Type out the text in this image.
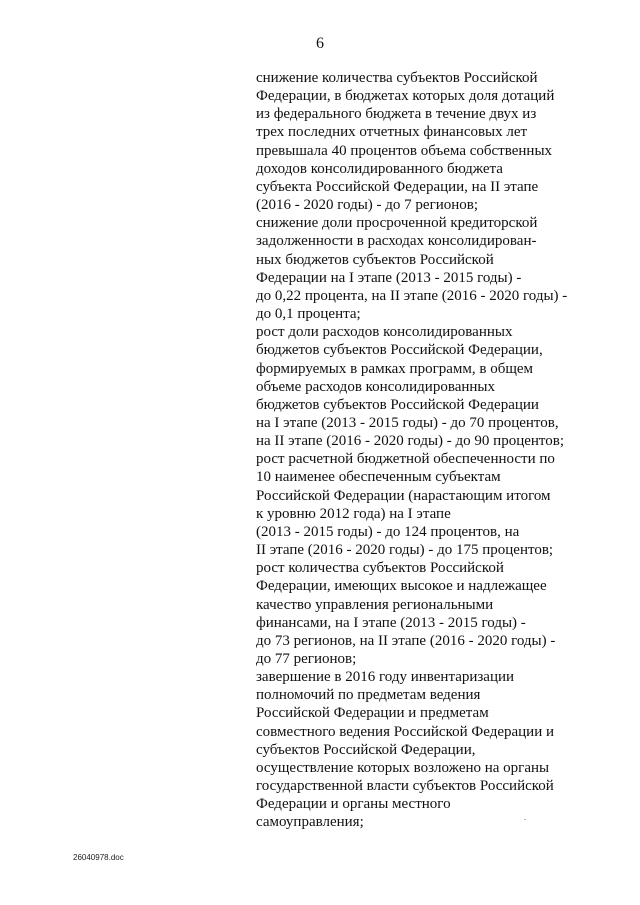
6
снижение количества субъектов Российской
Федерации, в бюджетах которых доля дотаций
из федерального бюджета в течение двух из
трех последних отчетных финансовых лет
превышала 40 процентов объема собственных
доходов консолидированного бюджета
субъекта Российской Федерации, на II этапе
(2016 - 2020 годы) - до 7 регионов;
снижение доли просроченной кредиторской
задолженности в расходах консолидирован-
ных бюджетов субъектов Российской
Федерации на I этапе (2013 - 2015 годы) -
до 0,22 процента, на II этапе (2016 - 2020 годы) -
до 0,1 процента;
рост доли расходов консолидированных
бюджетов субъектов Российской Федерации,
формируемых в рамках программ, в общем
объеме расходов консолидированных
бюджетов субъектов Российской Федерации
на I этапе (2013 - 2015 годы) - до 70 процентов,
на II этапе (2016 - 2020 годы) - до 90 процентов;
рост расчетной бюджетной обеспеченности по
10 наименее обеспеченным субъектам
Российской Федерации (нарастающим итогом
к уровню 2012 года) на I этапе
(2013 - 2015 годы) - до 124 процентов, на
II этапе (2016 - 2020 годы) - до 175 процентов;
рост количества субъектов Российской
Федерации, имеющих высокое и надлежащее
качество управления региональными
финансами, на I этапе (2013 - 2015 годы) -
до 73 регионов, на II этапе (2016 - 2020 годы) -
до 77 регионов;
завершение в 2016 году инвентаризации
полномочий по предметам ведения
Российской Федерации и предметам
совместного ведения Российской Федерации и
субъектов Российской Федерации,
осуществление которых возложено на органы
государственной власти субъектов Российской
Федерации и органы местного
самоуправления;
26040978.doc
